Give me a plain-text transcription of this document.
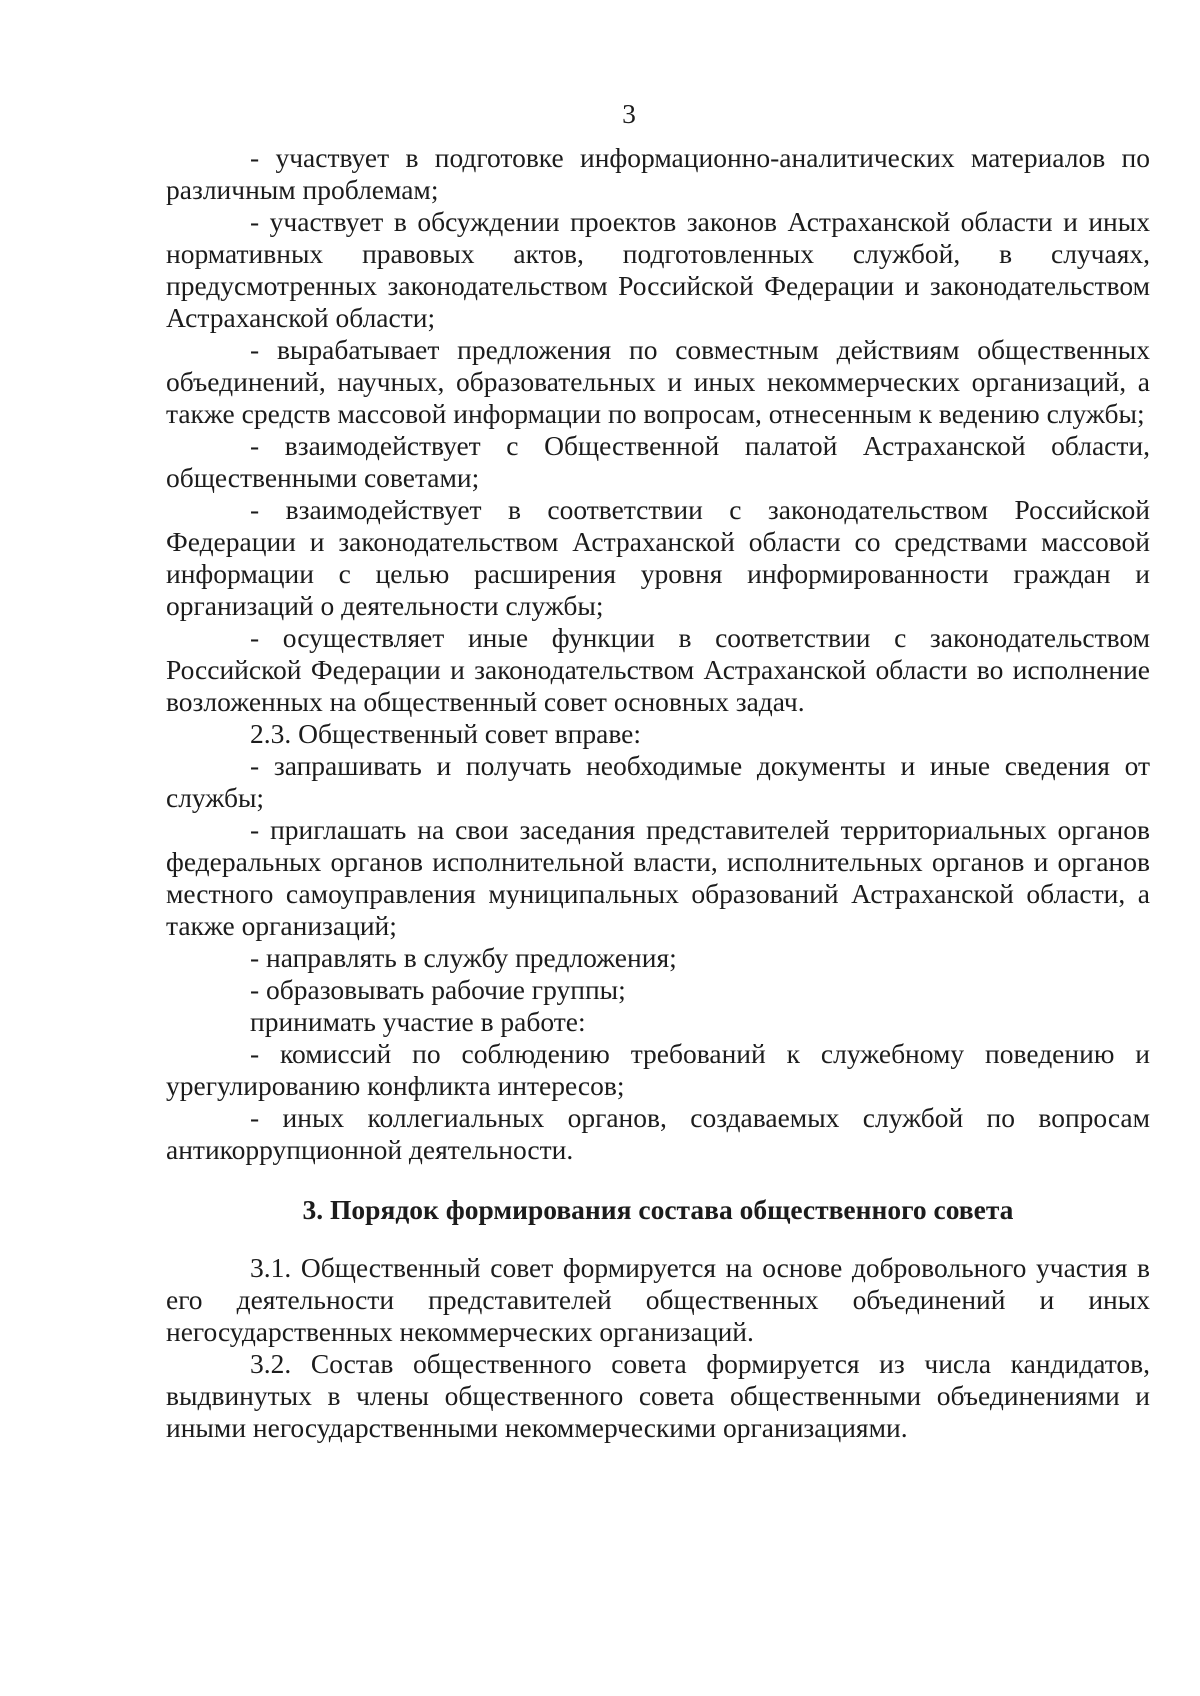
3

- участвует в подготовке информационно-аналитических материалов по различным проблемам;

- участвует в обсуждении проектов законов Астраханской области и иных нормативных правовых актов, подготовленных службой, в случаях, предусмотренных законодательством Российской Федерации и законодательством Астраханской области;

- вырабатывает предложения по совместным действиям общественных объединений, научных, образовательных и иных некоммерческих организаций, а также средств массовой информации по вопросам, отнесенным к ведению службы;

- взаимодействует с Общественной палатой Астраханской области, общественными советами;

- взаимодействует в соответствии с законодательством Российской Федерации и законодательством Астраханской области со средствами массовой информации с целью расширения уровня информированности граждан и организаций о деятельности службы;

- осуществляет иные функции в соответствии с законодательством Российской Федерации и законодательством Астраханской области во исполнение возложенных на общественный совет основных задач.

2.3. Общественный совет вправе:

- запрашивать и получать необходимые документы и иные сведения от службы;

- приглашать на свои заседания представителей территориальных органов федеральных органов исполнительной власти, исполнительных органов и органов местного самоуправления муниципальных образований Астраханской области, а также организаций;

- направлять в службу предложения;

- образовывать рабочие группы;

принимать участие в работе:

- комиссий по соблюдению требований к служебному поведению и урегулированию конфликта интересов;

- иных коллегиальных органов, создаваемых службой по вопросам антикоррупционной деятельности.

3. Порядок формирования состава общественного совета

3.1. Общественный совет формируется на основе добровольного участия в его деятельности представителей общественных объединений и иных негосударственных некоммерческих организаций.

3.2. Состав общественного совета формируется из числа кандидатов, выдвинутых в члены общественного совета общественными объединениями и иными негосударственными некоммерческими организациями.
